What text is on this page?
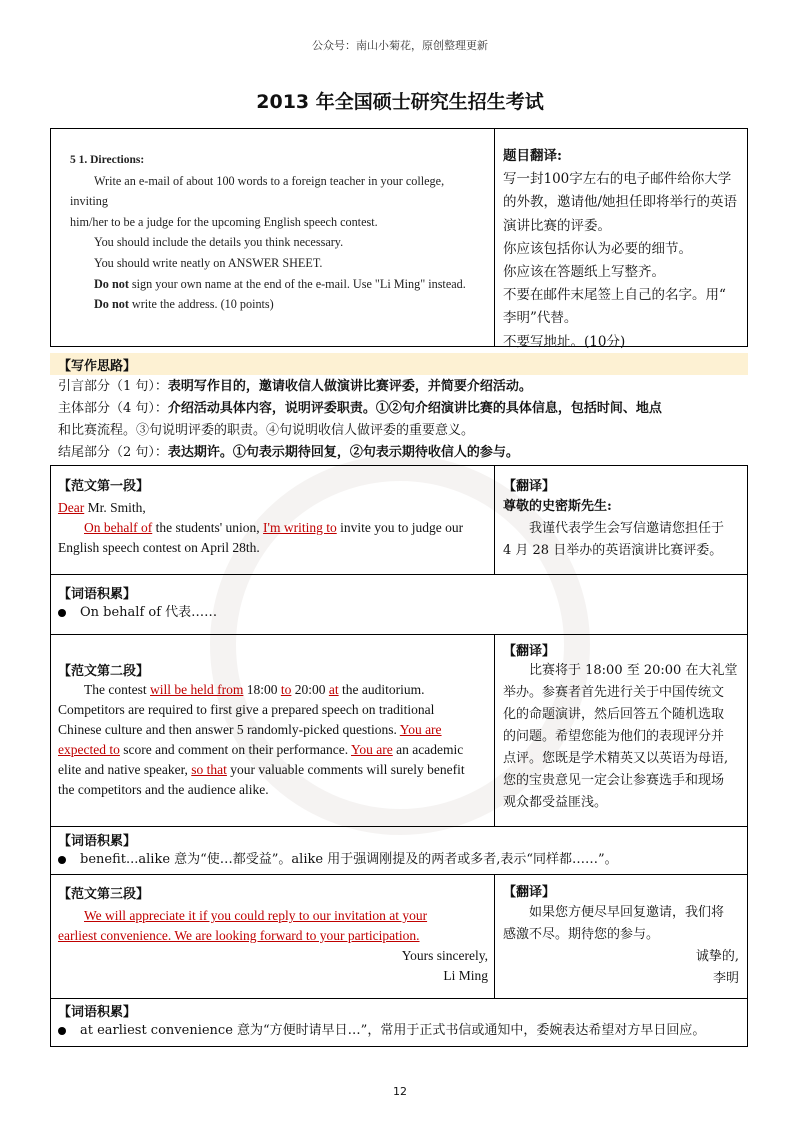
公众号：南山小菊花，原创整理更新
2013 年全国硕士研究生招生考试

5 1. Directions:

Write an e-mail of about 100 words to a foreign teacher in your college, inviting

him/her to be a judge for the upcoming English speech contest.

You should include the details you think necessary.

You should write neatly on ANSWER SHEET.

Do not sign your own name at the end of the e-mail. Use "Li Ming" instead.

Do not write the address. (10 points)

题目翻译:

写一封100字左右的电子邮件给你大学

的外教，邀请他/她担任即将举行的英语

演讲比赛的评委。

你应该包括你认为必要的细节。

你应该在答题纸上写整齐。

不要在邮件末尾签上自己的名字。用“

李明”代替。

不要写地址。(10分)

【写作思路】
引言部分（1 句）：表明写作目的，邀请收信人做演讲比赛评委，并简要介绍活动。
主体部分（4 句）：介绍活动具体内容，说明评委职责。①②句介绍演讲比赛的具体信息，包括时间、地点
和比赛流程。③句说明评委的职责。④句说明收信人做评委的重要意义。
结尾部分（2 句）：表达期许。①句表示期待回复，②句表示期待收信人的参与。
【范文第一段】
Dear Mr. Smith,
On behalf of the students' union, I'm writing to invite you to judge our
English speech contest on April 28th.
【翻译】
尊敬的史密斯先生:
我谨代表学生会写信邀请您担任于
4 月 28 日举办的英语演讲比赛评委。
【词语积累】
On behalf of 代表……
【范文第二段】
The contest will be held from 18:00 to 20:00 at the auditorium.
Competitors are required to first give a prepared speech on traditional
Chinese culture and then answer 5 randomly-picked questions. You are
expected to score and comment on their performance. You are an academic
elite and native speaker, so that your valuable comments will surely benefit
the competitors and the audience alike.
【翻译】
比赛将于 18:00 至 20:00 在大礼堂
举办。参赛者首先进行关于中国传统文
化的命题演讲，然后回答五个随机选取
的问题。希望您能为他们的表现评分并
点评。您既是学术精英又以英语为母语,
您的宝贵意见一定会让参赛选手和现场
观众都受益匪浅。
【词语积累】
benefit...alike 意为“使…都受益”。alike 用于强调刚提及的两者或多者,表示“同样都……”。
【范文第三段】
We will appreciate it if you could reply to our invitation at your
earliest convenience. We are looking forward to your participation.
Yours sincerely,
Li Ming
【翻译】
如果您方便尽早回复邀请，我们将
感激不尽。期待您的参与。
诚挚的,
李明
【词语积累】
at earliest convenience 意为“方便时请早日…”，常用于正式书信或通知中，委婉表达希望对方早日回应。
12
